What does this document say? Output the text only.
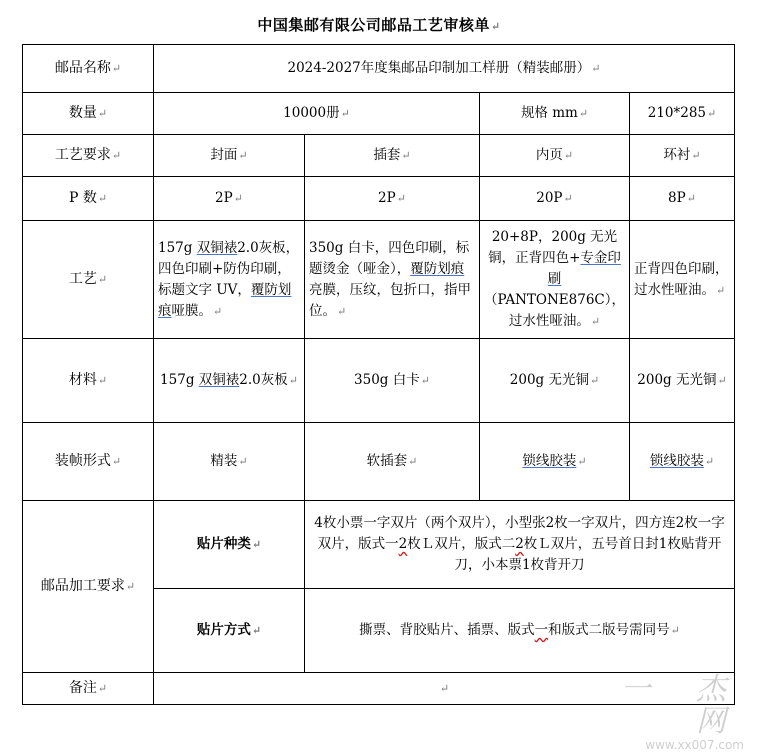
中国集邮有限公司邮品工艺审核单↵
邮品名称↵	2024-2027年度集邮品印制加工样册（精装邮册）↵			
数量↵	10000册↵		规格 mm↵	210*285↵
工艺要求↵	封面↵	插套↵	内页↵	环衬↵
P 数↵	2P↵	2P↵	20P↵	8P↵
工艺↵	157g 双铜裱2.0灰板，四色印刷+防伪印刷，标题文字 UV，覆防划痕哑膜。↵	350g 白卡，四色印刷，标题烫金（哑金），覆防划痕亮膜，压纹，包折口，指甲位。↵	20+8P，200g 无光铜，正背四色+专金印刷（PANTONE876C），过水性哑油。↵	正背四色印刷，过水性哑油。↵
材料↵	157g 双铜裱2.0灰板↵	350g 白卡↵	200g 无光铜↵	200g 无光铜↵
装帧形式↵	精装↵	软插套↵	锁线胶装↵	锁线胶装↵
邮品加工要求↵	贴片种类↵	4枚小票一字双片（两个双片），小型张2枚一字双片，四方连2枚一字双片，版式一2枚Ｌ双片，版式二2枚Ｌ双片，五号首日封1枚贴背开刀，小本票1枚背开刀		
	贴片方式↵	撕票、背胶贴片、插票、版式一和版式二版号需同号↵		
备注↵	↵				一 杰 网
www.xx007.com
